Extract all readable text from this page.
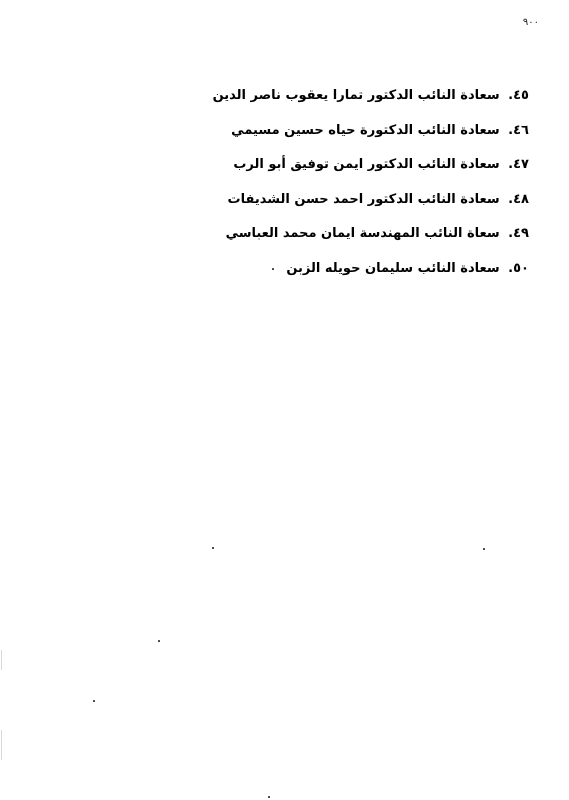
٩٠٠
٤٥. سعادة النائب الدكتور تمارا يعقوب ناصر الدين
٤٦. سعادة النائب الدكتورة حياه حسين مسيمي
٤٧. سعادة النائب الدكتور ايمن توفيق أبو الرب
٤٨. سعادة النائب الدكتور احمد حسن الشديفات
٤٩. سعاة النائب المهندسة ايمان محمد العباسي
٥٠. سعادة النائب سليمان حويله الزبن
